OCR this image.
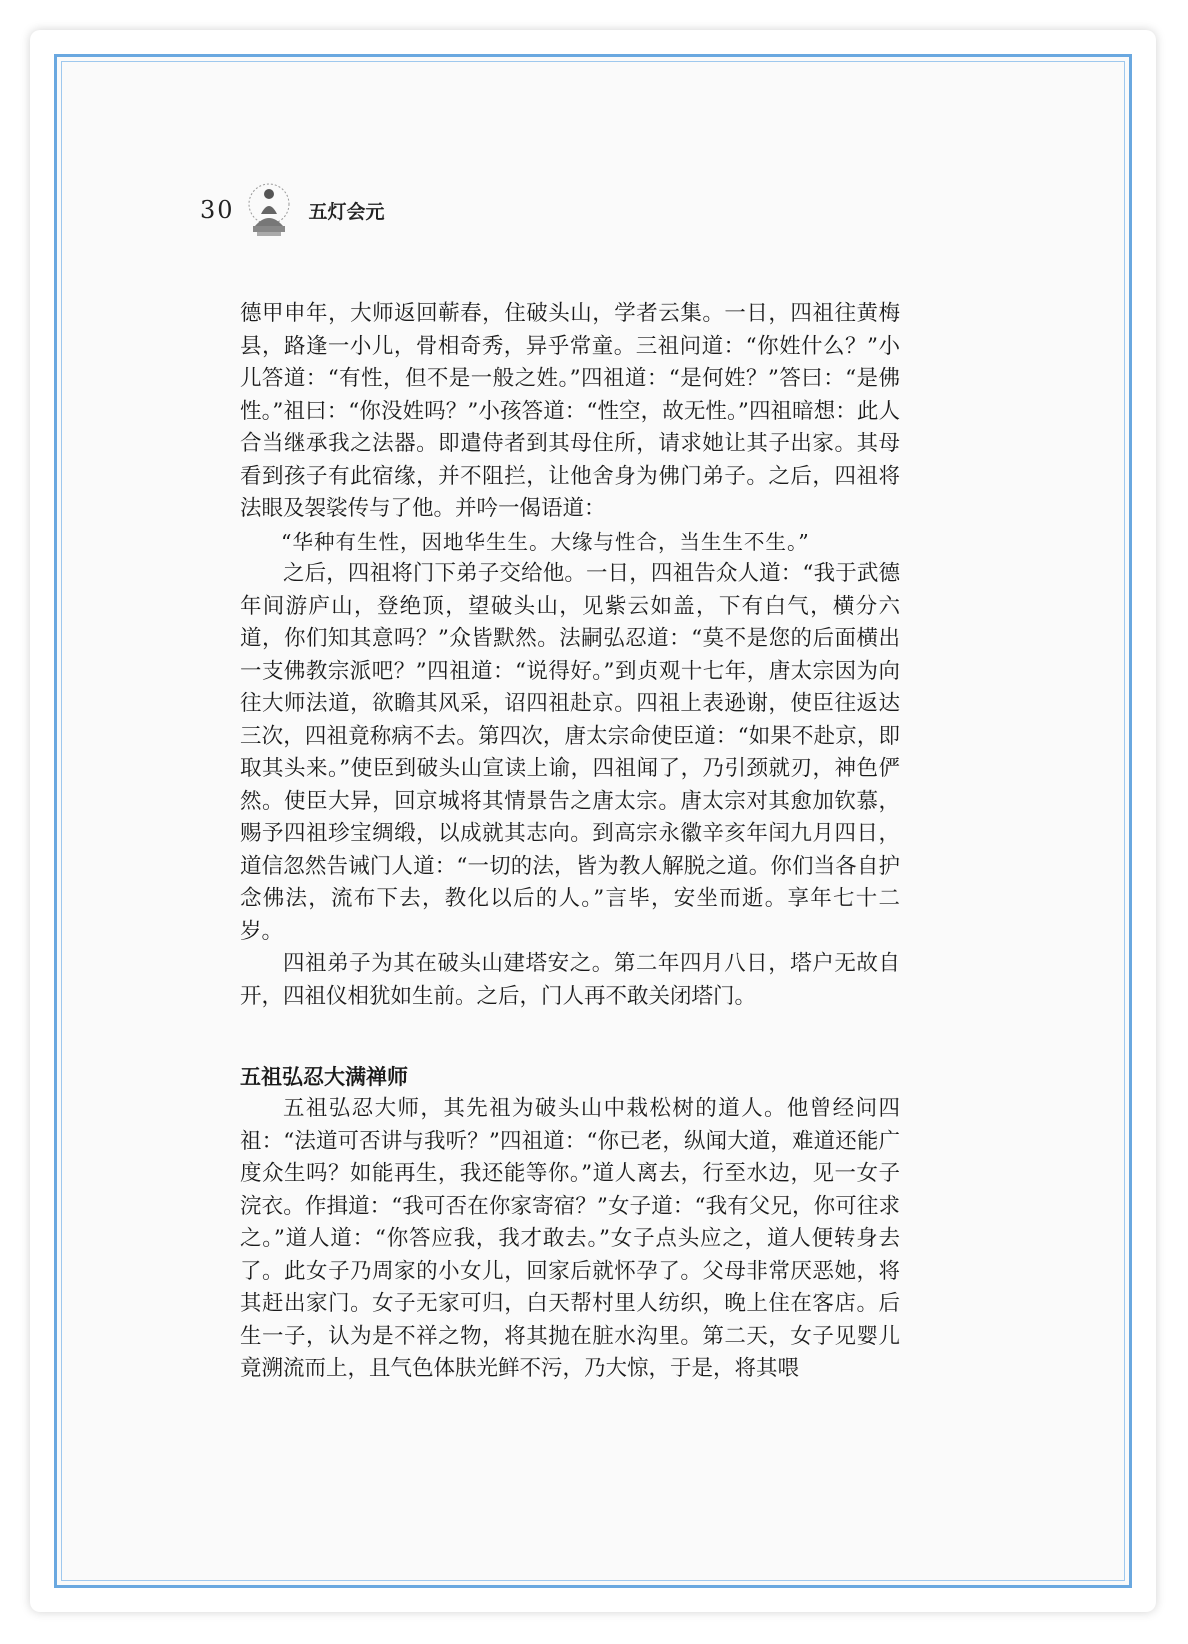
30	五灯会元

德甲申年，大师返回蕲春，住破头山，学者云集。一日，四祖往黄梅县，路逢一小儿，骨相奇秀，异乎常童。三祖问道：“你姓什么？”小儿答道：“有性，但不是一般之姓。”四祖道：“是何姓？”答曰：“是佛性。”祖曰：“你没姓吗？”小孩答道：“性空，故无性。”四祖暗想：此人合当继承我之法器。即遣侍者到其母住所，请求她让其子出家。其母看到孩子有此宿缘，并不阻拦，让他舍身为佛门弟子。之后，四祖将法眼及袈裟传与了他。并吟一偈语道：

“华种有生性，因地华生生。大缘与性合，当生生不生。”

之后，四祖将门下弟子交给他。一日，四祖告众人道：“我于武德年间游庐山，登绝顶，望破头山，见紫云如盖，下有白气，横分六道，你们知其意吗？”众皆默然。法嗣弘忍道：“莫不是您的后面横出一支佛教宗派吧？”四祖道：“说得好。”到贞观十七年，唐太宗因为向往大师法道，欲瞻其风采，诏四祖赴京。四祖上表逊谢，使臣往返达三次，四祖竟称病不去。第四次，唐太宗命使臣道：“如果不赴京，即取其头来。”使臣到破头山宣读上谕，四祖闻了，乃引颈就刃，神色俨然。使臣大异，回京城将其情景告之唐太宗。唐太宗对其愈加钦慕，赐予四祖珍宝绸缎，以成就其志向。到高宗永徽辛亥年闰九月四日，道信忽然告诫门人道：“一切的法，皆为教人解脱之道。你们当各自护念佛法，流布下去，教化以后的人。”言毕，安坐而逝。享年七十二岁。

四祖弟子为其在破头山建塔安之。第二年四月八日，塔户无故自开，四祖仪相犹如生前。之后，门人再不敢关闭塔门。

五祖弘忍大满禅师

五祖弘忍大师，其先祖为破头山中栽松树的道人。他曾经问四祖：“法道可否讲与我听？”四祖道：“你已老，纵闻大道，难道还能广度众生吗？如能再生，我还能等你。”道人离去，行至水边，见一女子浣衣。作揖道：“我可否在你家寄宿？”女子道：“我有父兄，你可往求之。”道人道：“你答应我，我才敢去。”女子点头应之，道人便转身去了。此女子乃周家的小女儿，回家后就怀孕了。父母非常厌恶她，将其赶出家门。女子无家可归，白天帮村里人纺织，晚上住在客店。后生一子，认为是不祥之物，将其抛在脏水沟里。第二天，女子见婴儿竟溯流而上，且气色体肤光鲜不污，乃大惊，于是，将其喂
